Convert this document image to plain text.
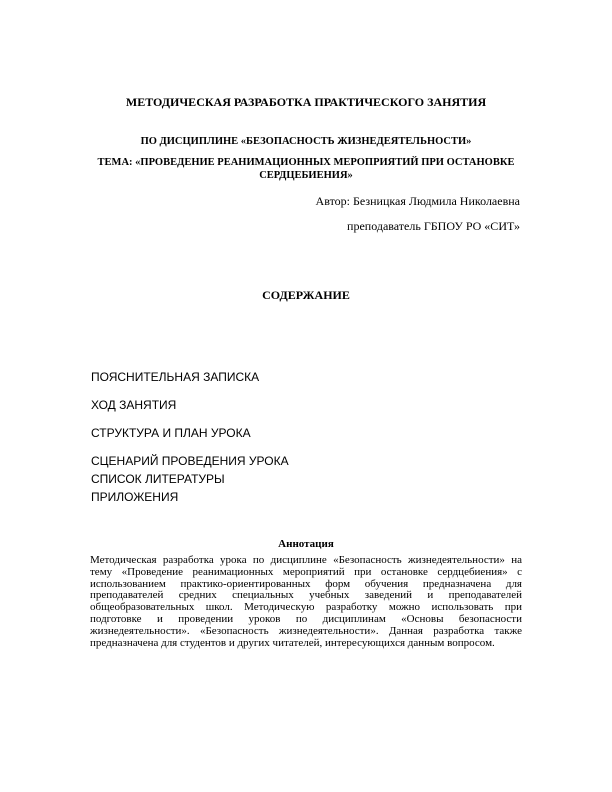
МЕТОДИЧЕСКАЯ РАЗРАБОТКА ПРАКТИЧЕСКОГО ЗАНЯТИЯ
ПО ДИСЦИПЛИНЕ «БЕЗОПАСНОСТЬ ЖИЗНЕДЕЯТЕЛЬНОСТИ»
ТЕМА: «ПРОВЕДЕНИЕ РЕАНИМАЦИОННЫХ МЕРОПРИЯТИЙ ПРИ ОСТАНОВКЕ СЕРДЦЕБИЕНИЯ»
Автор: Безницкая Людмила Николаевна
преподаватель ГБПОУ РО «СИТ»
СОДЕРЖАНИЕ
ПОЯСНИТЕЛЬНАЯ ЗАПИСКА
ХОД ЗАНЯТИЯ
СТРУКТУРА И ПЛАН УРОКА
СЦЕНАРИЙ ПРОВЕДЕНИЯ УРОКА
СПИСОК ЛИТЕРАТУРЫ
ПРИЛОЖЕНИЯ
Аннотация
Методическая разработка урока по дисциплине «Безопасность жизнедеятельности» на тему «Проведение реанимационных мероприятий при остановке сердцебиения» с использованием практико-ориентированных форм обучения предназначена для преподавателей средних специальных учебных заведений и преподавателей общеобразовательных школ. Методическую разработку можно использовать при подготовке и проведении уроков по дисциплинам «Основы безопасности жизнедеятельности». «Безопасность жизнедеятельности». Данная разработка также предназначена для студентов и других читателей, интересующихся данным вопросом.
